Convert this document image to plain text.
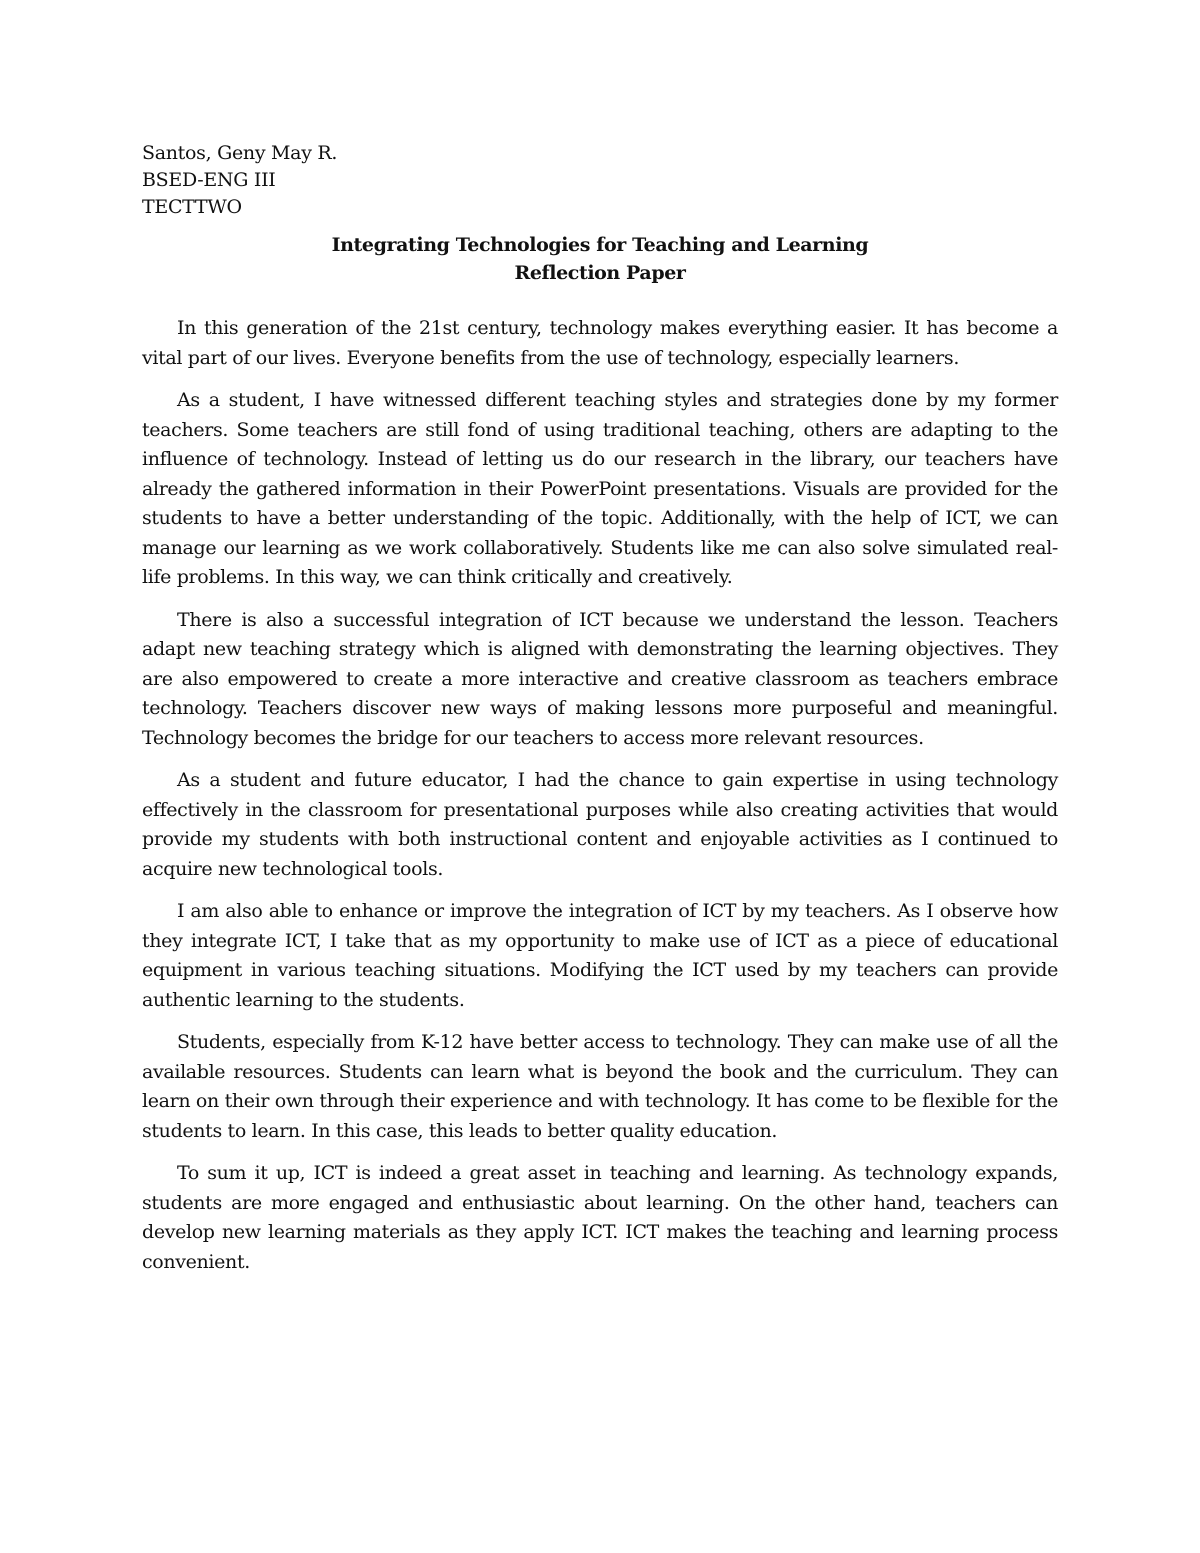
Santos, Geny May R.

BSED-ENG III

TECTTWO

Integrating Technologies for Teaching and Learning

Reflection Paper

In this generation of the 21st century, technology makes everything easier. It has become a vital part of our lives. Everyone benefits from the use of technology, especially learners.

As a student, I have witnessed different teaching styles and strategies done by my former teachers. Some teachers are still fond of using traditional teaching, others are adapting to the influence of technology. Instead of letting us do our research in the library, our teachers have already the gathered information in their PowerPoint presentations. Visuals are provided for the students to have a better understanding of the topic. Additionally, with the help of ICT, we can manage our learning as we work collaboratively. Students like me can also solve simulated real-life problems. In this way, we can think critically and creatively.

There is also a successful integration of ICT because we understand the lesson. Teachers adapt new teaching strategy which is aligned with demonstrating the learning objectives. They are also empowered to create a more interactive and creative classroom as teachers embrace technology. Teachers discover new ways of making lessons more purposeful and meaningful. Technology becomes the bridge for our teachers to access more relevant resources.

As a student and future educator, I had the chance to gain expertise in using technology effectively in the classroom for presentational purposes while also creating activities that would provide my students with both instructional content and enjoyable activities as I continued to acquire new technological tools.

I am also able to enhance or improve the integration of ICT by my teachers. As I observe how they integrate ICT, I take that as my opportunity to make use of ICT as a piece of educational equipment in various teaching situations. Modifying the ICT used by my teachers can provide authentic learning to the students.

Students, especially from K-12 have better access to technology. They can make use of all the available resources. Students can learn what is beyond the book and the curriculum. They can learn on their own through their experience and with technology. It has come to be flexible for the students to learn. In this case, this leads to better quality education.

To sum it up, ICT is indeed a great asset in teaching and learning. As technology expands, students are more engaged and enthusiastic about learning. On the other hand, teachers can develop new learning materials as they apply ICT. ICT makes the teaching and learning process convenient.
